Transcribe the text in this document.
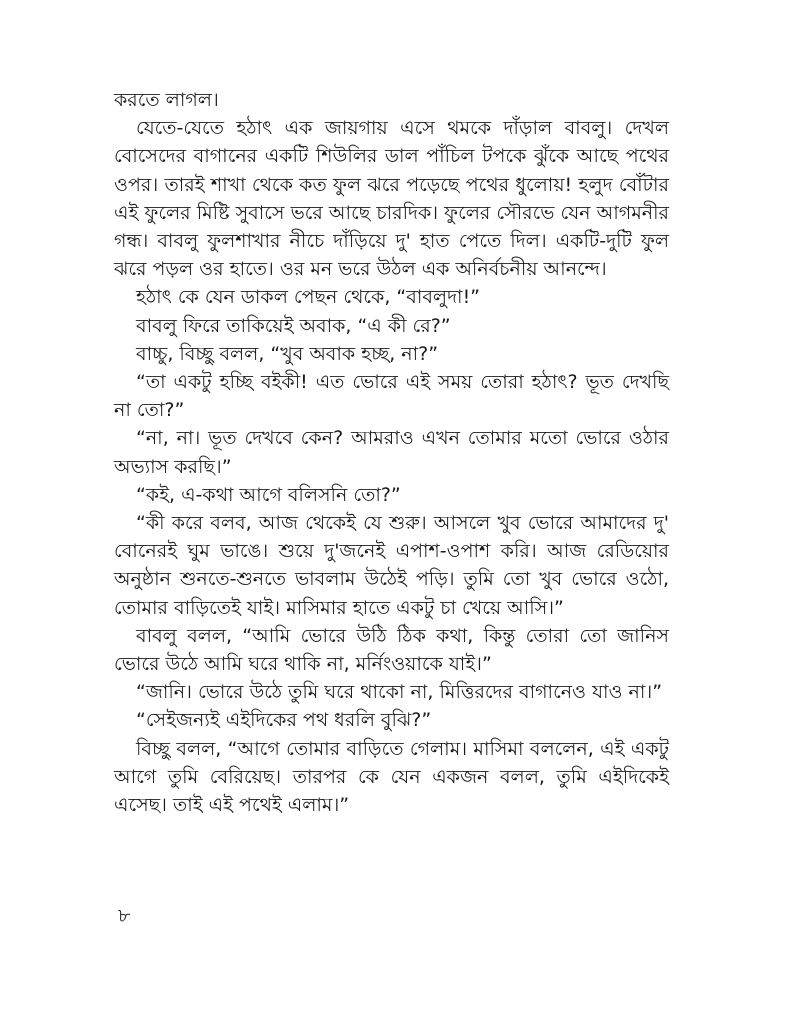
করতে লাগল।

যেতে-যেতে হঠাৎ এক জায়গায় এসে থমকে দাঁড়াল বাবলু। দেখল বোসেদের বাগানের একটি শিউলির ডাল পাঁচিল টপকে ঝুঁকে আছে পথের ওপর। তারই শাখা থেকে কত ফুল ঝরে পড়েছে পথের ধুলোয়! হলুদ বোঁটার এই ফুলের মিষ্টি সুবাসে ভরে আছে চারদিক। ফুলের সৌরভে যেন আগমনীর গন্ধ। বাবলু ফুলশাখার নীচে দাঁড়িয়ে দু' হাত পেতে দিল। একটি-দুটি ফুল ঝরে পড়ল ওর হাতে। ওর মন ভরে উঠল এক অনির্বচনীয় আনন্দে।

হঠাৎ কে যেন ডাকল পেছন থেকে, “বাবলুদা!”

বাবলু ফিরে তাকিয়েই অবাক, “এ কী রে?”

বাচ্চু, বিচ্ছু বলল, “খুব অবাক হচ্ছ, না?”

“তা একটু হচ্ছি বইকী! এত ভোরে এই সময় তোরা হঠাৎ? ভূত দেখছি না তো?”

“না, না। ভূত দেখবে কেন? আমরাও এখন তোমার মতো ভোরে ওঠার অভ্যাস করছি।”

“কই, এ-কথা আগে বলিসনি তো?”

“কী করে বলব, আজ থেকেই যে শুরু। আসলে খুব ভোরে আমাদের দু' বোনেরই ঘুম ভাঙে। শুয়ে দু'জনেই এপাশ-ওপাশ করি। আজ রেডিয়োর অনুষ্ঠান শুনতে-শুনতে ভাবলাম উঠেই পড়ি। তুমি তো খুব ভোরে ওঠো, তোমার বাড়িতেই যাই। মাসিমার হাতে একটু চা খেয়ে আসি।”

বাবলু বলল, “আমি ভোরে উঠি ঠিক কথা, কিন্তু তোরা তো জানিস ভোরে উঠে আমি ঘরে থাকি না, মর্নিংওয়াকে যাই।”

“জানি। ভোরে উঠে তুমি ঘরে থাকো না, মিত্তিরদের বাগানেও যাও না।”

“সেইজন্যই এইদিকের পথ ধরলি বুঝি?”

বিচ্ছু বলল, “আগে তোমার বাড়িতে গেলাম। মাসিমা বললেন, এই একটু আগে তুমি বেরিয়েছ। তারপর কে যেন একজন বলল, তুমি এইদিকেই এসেছ। তাই এই পথেই এলাম।”

৮
